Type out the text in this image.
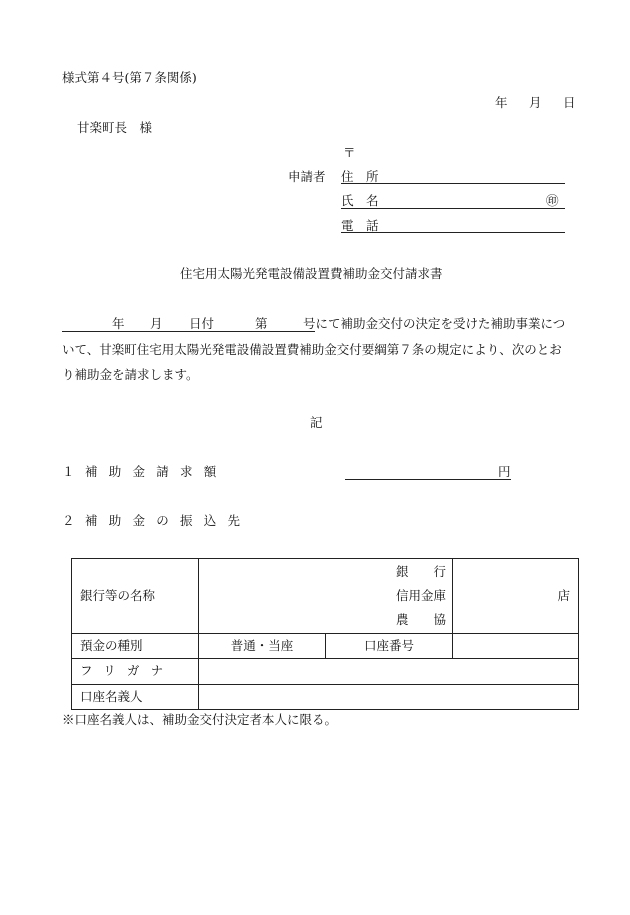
様式第４号(第７条関係)
年 月 日
甘楽町長　様
〒
申請者 住　所
氏　名	㊞
電　話
住宅用太陽光発電設備設置費補助金交付請求書
年 月 日付	第	号にて補助金交付の決定を受けた補助事業につ
いて、甘楽町住宅用太陽光発電設備設置費補助金交付要綱第７条の規定により、次のとお
り補助金を請求します。
記
１ 補助金請求額	円
２ 補助金の振込先
銀行等の名称	銀　　行
信用金庫
農　　協		店
預金の種別	普通・当座	口座番号	
フリガナ			
口座名義人			
※口座名義人は、補助金交付決定者本人に限る。
